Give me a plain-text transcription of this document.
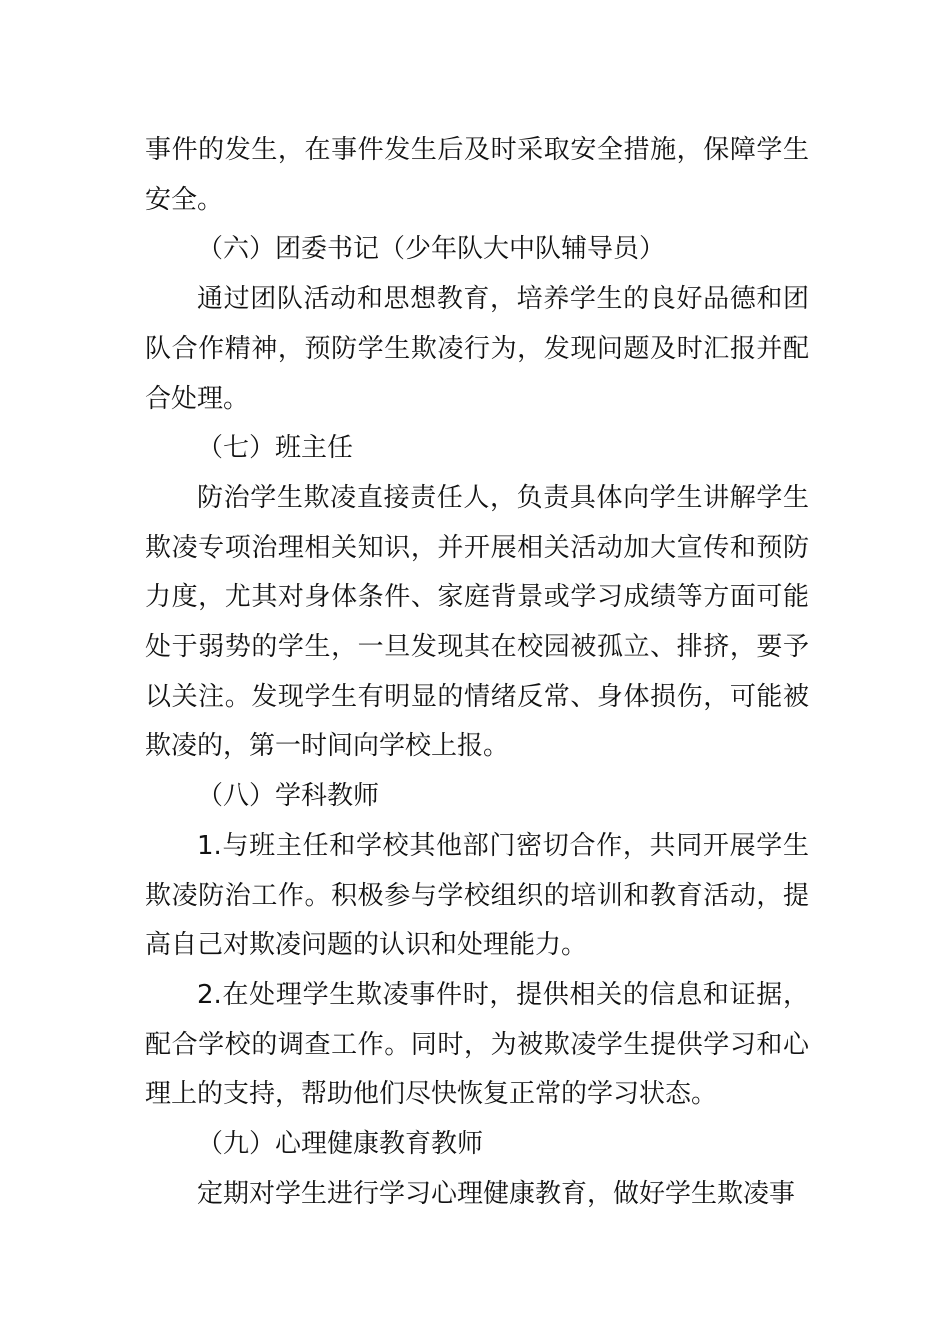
事件的发生，在事件发生后及时采取安全措施，保障学生安全。

（六）团委书记（少年队大中队辅导员）

通过团队活动和思想教育，培养学生的良好品德和团队合作精神，预防学生欺凌行为，发现问题及时汇报并配合处理。

（七）班主任

防治学生欺凌直接责任人，负责具体向学生讲解学生欺凌专项治理相关知识，并开展相关活动加大宣传和预防力度，尤其对身体条件、家庭背景或学习成绩等方面可能处于弱势的学生，一旦发现其在校园被孤立、排挤，要予以关注。发现学生有明显的情绪反常、身体损伤，可能被欺凌的，第一时间向学校上报。

（八）学科教师

1.与班主任和学校其他部门密切合作，共同开展学生欺凌防治工作。积极参与学校组织的培训和教育活动，提高自己对欺凌问题的认识和处理能力。

2.在处理学生欺凌事件时，提供相关的信息和证据，配合学校的调查工作。同时，为被欺凌学生提供学习和心理上的支持，帮助他们尽快恢复正常的学习状态。

（九）心理健康教育教师

定期对学生进行学习心理健康教育，做好学生欺凌事
